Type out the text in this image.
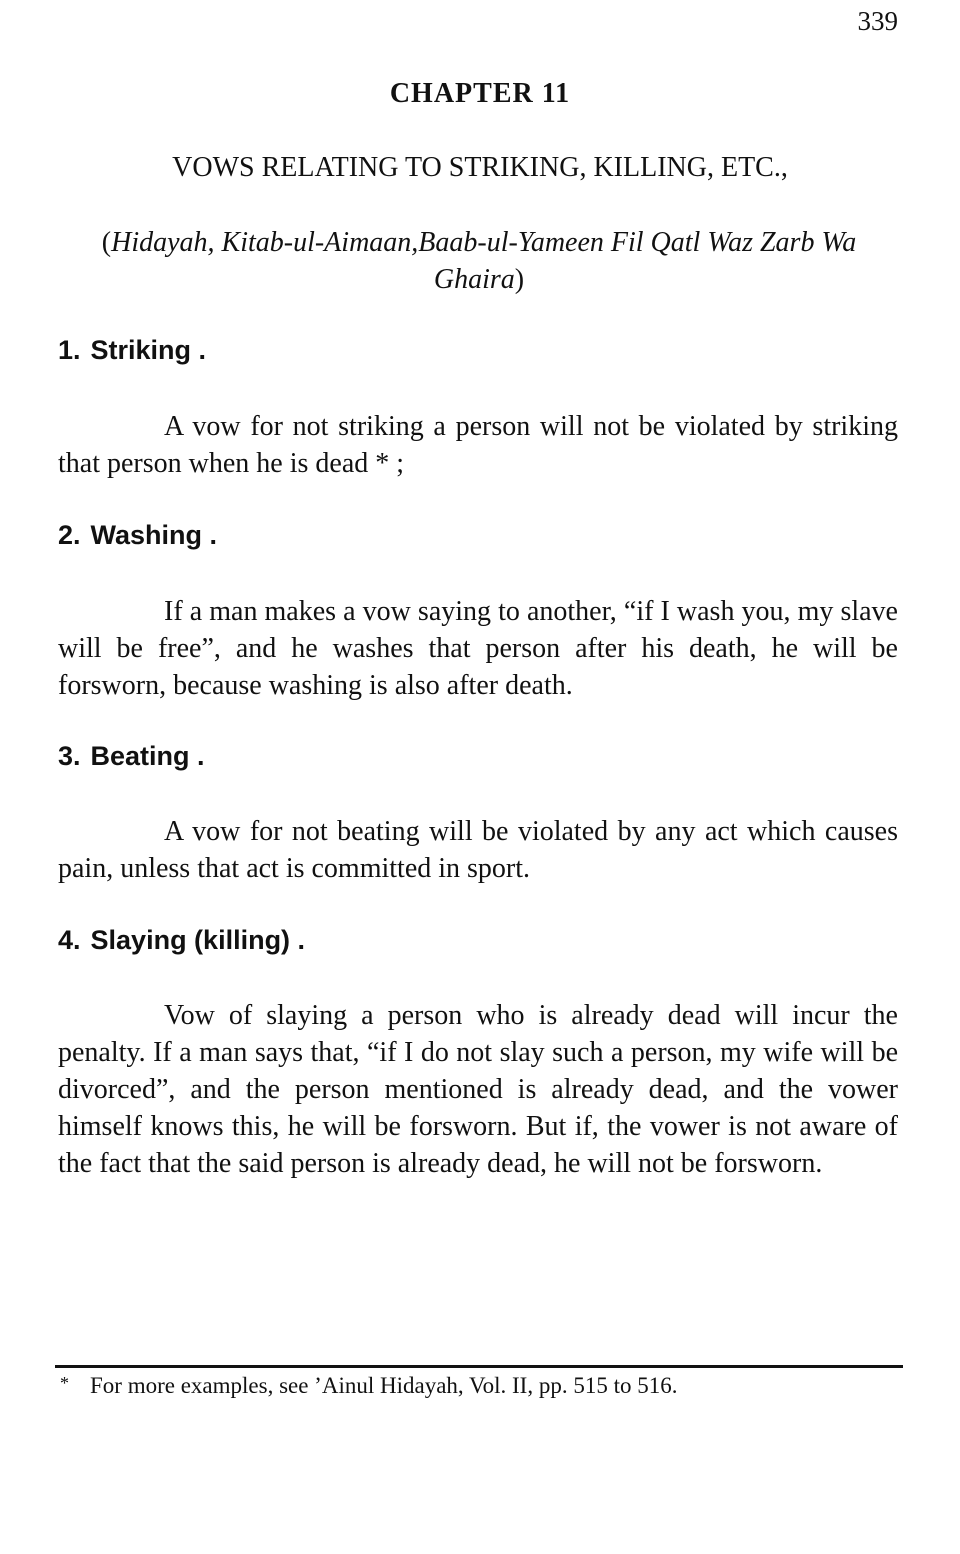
339
CHAPTER 11
VOWS RELATING TO STRIKING, KILLING, ETC.,
(Hidayah, Kitab-ul-Aimaan,Baab-ul-Yameen Fil Qatl Waz Zarb Wa Ghaira)
1. Striking .

A vow for not striking a person will not be violated by striking that person when he is dead * ;

2. Washing .

If a man makes a vow saying to another, “if I wash you, my slave will be free”, and he washes that person after his death, he will be forsworn, because washing is also after death.

3. Beating .

A vow for not beating will be violated by any act which causes pain, unless that act is committed in sport.

4. Slaying (killing) .

Vow of slaying a person who is already dead will incur the penalty. If a man says that, “if I do not slay such a person, my wife will be divorced”, and the person mentioned is already dead, and the vower himself knows this, he will be forsworn. But if, the vower is not aware of the fact that the said person is already dead, he will not be forsworn.

* For more examples, see ’Ainul Hidayah, Vol. II, pp. 515 to 516.
